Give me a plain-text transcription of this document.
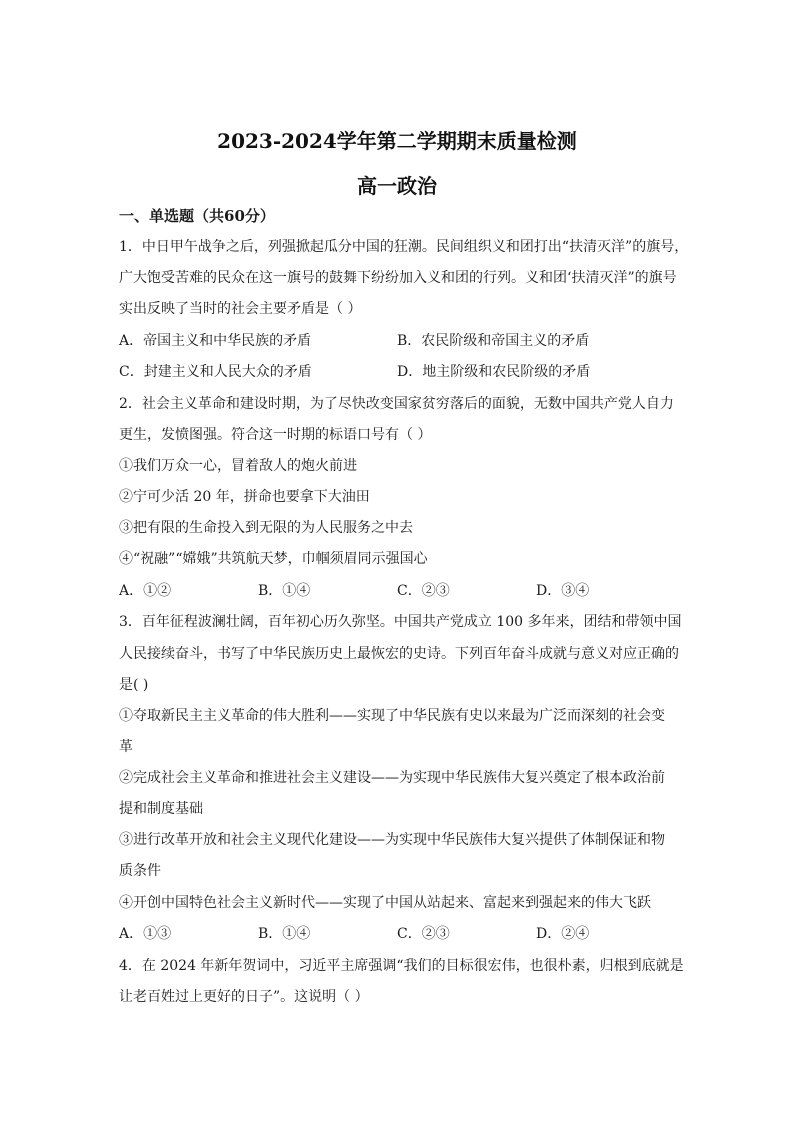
2023-2024学年第二学期期末质量检测
高一政治
一、单选题（共60分）
1．中日甲午战争之后，列强掀起瓜分中国的狂潮。民间组织义和团打出“扶清灭洋”的旗号，
广大饱受苦难的民众在这一旗号的鼓舞下纷纷加入义和团的行列。义和团‘扶清灭洋”的旗号
实出反映了当时的社会主要矛盾是（ ）
A．帝国主义和中华民族的矛盾	B．农民阶级和帝国主义的矛盾
C．封建主义和人民大众的矛盾	D．地主阶级和农民阶级的矛盾
2．社会主义革命和建设时期，为了尽快改变国家贫穷落后的面貌，无数中国共产党人自力
更生，发愤图强。符合这一时期的标语口号有（ ）
①我们万众一心，冒着敌人的炮火前进
②宁可少活 20 年，拼命也要拿下大油田
③把有限的生命投入到无限的为人民服务之中去
④“祝融”“嫦娥”共筑航天梦，巾帼须眉同示强国心
A．①②	B．①④	C．②③	D．③④
3．百年征程波澜壮阔，百年初心历久弥坚。中国共产党成立 100 多年来，团结和带领中国
人民接续奋斗，书写了中华民族历史上最恢宏的史诗。下列百年奋斗成就与意义对应正确的
是( )
①夺取新民主主义革命的伟大胜利——实现了中华民族有史以来最为广泛而深刻的社会变
革
②完成社会主义革命和推进社会主义建设——为实现中华民族伟大复兴奠定了根本政治前
提和制度基础
③进行改革开放和社会主义现代化建设——为实现中华民族伟大复兴提供了体制保证和物
质条件
④开创中国特色社会主义新时代——实现了中国从站起来、富起来到强起来的伟大飞跃
A．①③	B．①④	C．②③	D．②④
4．在 2024 年新年贺词中，习近平主席强调“我们的目标很宏伟，也很朴素，归根到底就是
让老百姓过上更好的日子”。这说明（ ）
